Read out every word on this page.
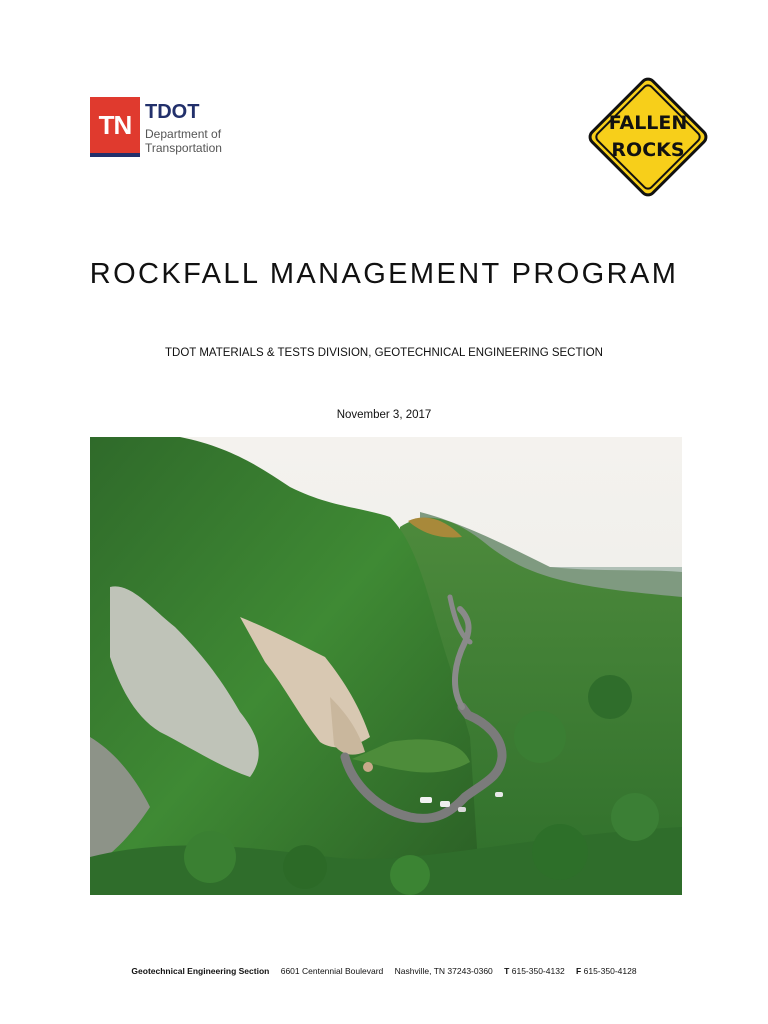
TN TDOT
Department of
Transportation
FALLEN
ROCKS
ROCKFALL MANAGEMENT PROGRAM
TDOT MATERIALS & TESTS DIVISION, GEOTECHNICAL ENGINEERING SECTION
November 3, 2017
Geotechnical Engineering Section 6601 Centennial Boulevard Nashville, TN 37243-0360 T 615-350-4132 F 615-350-4128
